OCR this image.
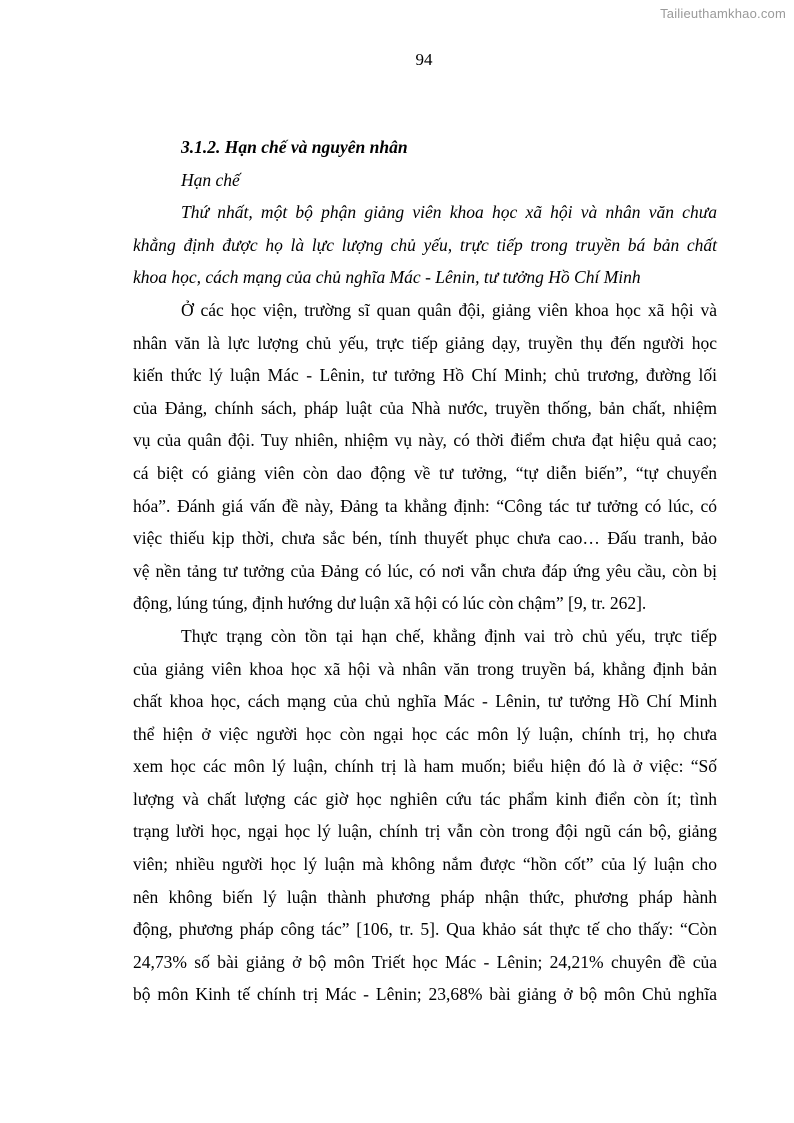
Tailieuthamkhao.com
94
3.1.2. Hạn chế và nguyên nhân
Hạn chế
Thứ nhất, một bộ phận giảng viên khoa học xã hội và nhân văn chưa
khẳng định được họ là lực lượng chủ yếu, trực tiếp trong truyền bá bản chất
khoa học, cách mạng của chủ nghĩa Mác - Lênin, tư tưởng Hồ Chí Minh
Ở các học viện, trường sĩ quan quân đội, giảng viên khoa học xã hội và
nhân văn là lực lượng chủ yếu, trực tiếp giảng dạy, truyền thụ đến người học
kiến thức lý luận Mác - Lênin, tư tưởng Hồ Chí Minh; chủ trương, đường lối
của Đảng, chính sách, pháp luật của Nhà nước, truyền thống, bản chất, nhiệm
vụ của quân đội. Tuy nhiên, nhiệm vụ này, có thời điểm chưa đạt hiệu quả cao;
cá biệt có giảng viên còn dao động về tư tưởng, “tự diễn biến”, “tự chuyển
hóa”. Đánh giá vấn đề này, Đảng ta khẳng định: “Công tác tư tưởng có lúc, có
việc thiếu kịp thời, chưa sắc bén, tính thuyết phục chưa cao… Đấu tranh, bảo
vệ nền tảng tư tưởng của Đảng có lúc, có nơi vẫn chưa đáp ứng yêu cầu, còn bị
động, lúng túng, định hướng dư luận xã hội có lúc còn chậm” [9, tr. 262].
Thực trạng còn tồn tại hạn chế, khẳng định vai trò chủ yếu, trực tiếp
của giảng viên khoa học xã hội và nhân văn trong truyền bá, khẳng định bản
chất khoa học, cách mạng của chủ nghĩa Mác - Lênin, tư tưởng Hồ Chí Minh
thể hiện ở việc người học còn ngại học các môn lý luận, chính trị, họ chưa
xem học các môn lý luận, chính trị là ham muốn; biểu hiện đó là ở việc: “Số
lượng và chất lượng các giờ học nghiên cứu tác phẩm kinh điển còn ít; tình
trạng lười học, ngại học lý luận, chính trị vẫn còn trong đội ngũ cán bộ, giảng
viên; nhiều người học lý luận mà không nắm được “hồn cốt” của lý luận cho
nên không biến lý luận thành phương pháp nhận thức, phương pháp hành
động, phương pháp công tác” [106, tr. 5]. Qua khảo sát thực tế cho thấy: “Còn
24,73% số bài giảng ở bộ môn Triết học Mác - Lênin; 24,21% chuyên đề của
bộ môn Kinh tế chính trị Mác - Lênin; 23,68% bài giảng ở bộ môn Chủ nghĩa
